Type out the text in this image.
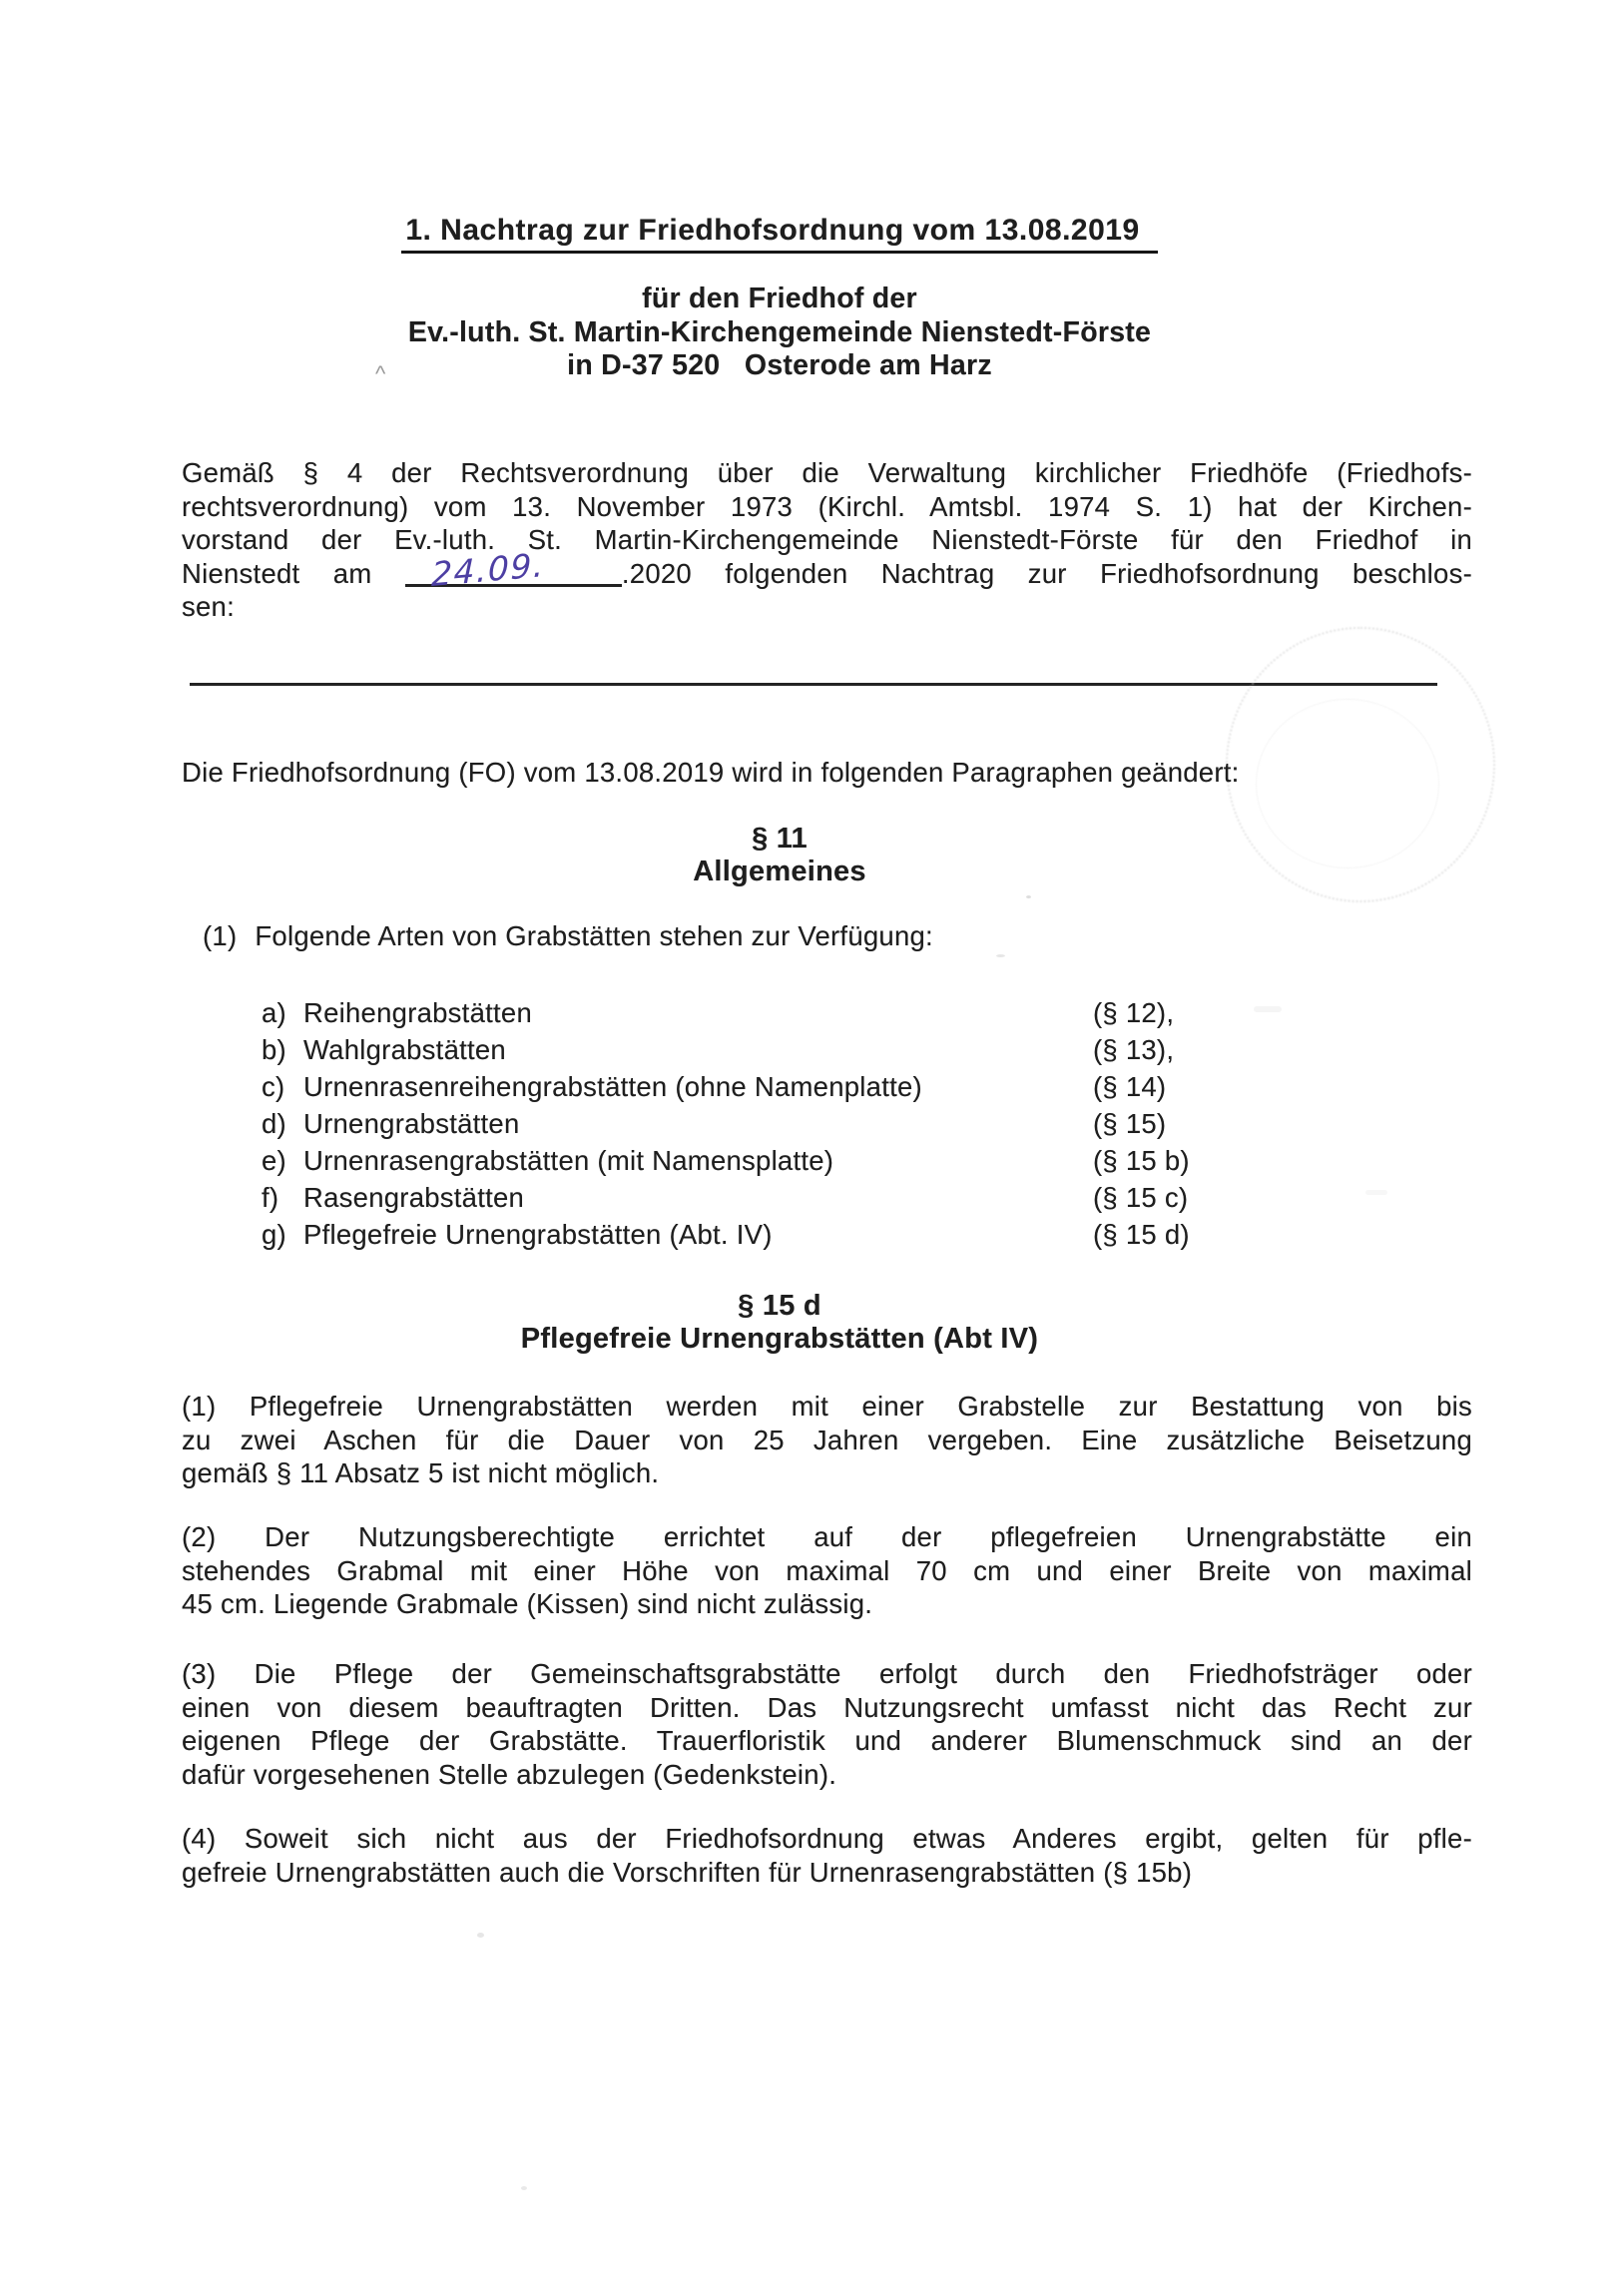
1. Nachtrag zur Friedhofsordnung vom 13.08.2019
für den Friedhof der
Ev.-luth. St. Martin-Kirchengemeinde Nienstedt-Förste
in D-37 520   Osterode am Harz
^
Gemäß § 4 der Rechtsverordnung über die Verwaltung kirchlicher Friedhöfe (Friedhofs-
rechtsverordnung) vom 13. November 1973 (Kirchl. Amtsbl. 1974 S. 1) hat der Kirchen-
vorstand der Ev.-luth. St. Martin-Kirchengemeinde Nienstedt-Förste für den Friedhof in
Nienstedt am 24.09.	.2020 folgenden Nachtrag zur Friedhofsordnung beschlos-
sen:
Die Friedhofsordnung (FO) vom 13.08.2019 wird in folgenden Paragraphen geändert:
§ 11
Allgemeines
(1) Folgende Arten von Grabstätten stehen zur Verfügung:
a) Reihengrabstätten	(§ 12),
b) Wahlgrabstätten	(§ 13),
c) Urnenrasenreihengrabstätten (ohne Namenplatte)	(§ 14)
d) Urnengrabstätten	(§ 15)
e) Urnenrasengrabstätten (mit Namensplatte)	(§ 15 b)
f) Rasengrabstätten	(§ 15 c)
g) Pflegefreie Urnengrabstätten (Abt. IV)	(§ 15 d)
§ 15 d
Pflegefreie Urnengrabstätten (Abt IV)
(1) Pflegefreie Urnengrabstätten werden mit einer Grabstelle zur Bestattung von bis
zu zwei Aschen für die Dauer von 25 Jahren vergeben. Eine zusätzliche Beisetzung
gemäß § 11 Absatz 5 ist nicht möglich.
(2) Der Nutzungsberechtigte errichtet auf der pflegefreien Urnengrabstätte ein
stehendes Grabmal mit einer Höhe von maximal 70 cm und einer Breite von maximal
45 cm. Liegende Grabmale (Kissen) sind nicht zulässig.
(3) Die Pflege der Gemeinschaftsgrabstätte erfolgt durch den Friedhofsträger oder
einen von diesem beauftragten Dritten. Das Nutzungsrecht umfasst nicht das Recht zur
eigenen Pflege der Grabstätte. Trauerfloristik und anderer Blumenschmuck sind an der
dafür vorgesehenen Stelle abzulegen (Gedenkstein).
(4) Soweit sich nicht aus der Friedhofsordnung etwas Anderes ergibt, gelten für pfle-
gefreie Urnengrabstätten auch die Vorschriften für Urnenrasengrabstätten (§ 15b)
